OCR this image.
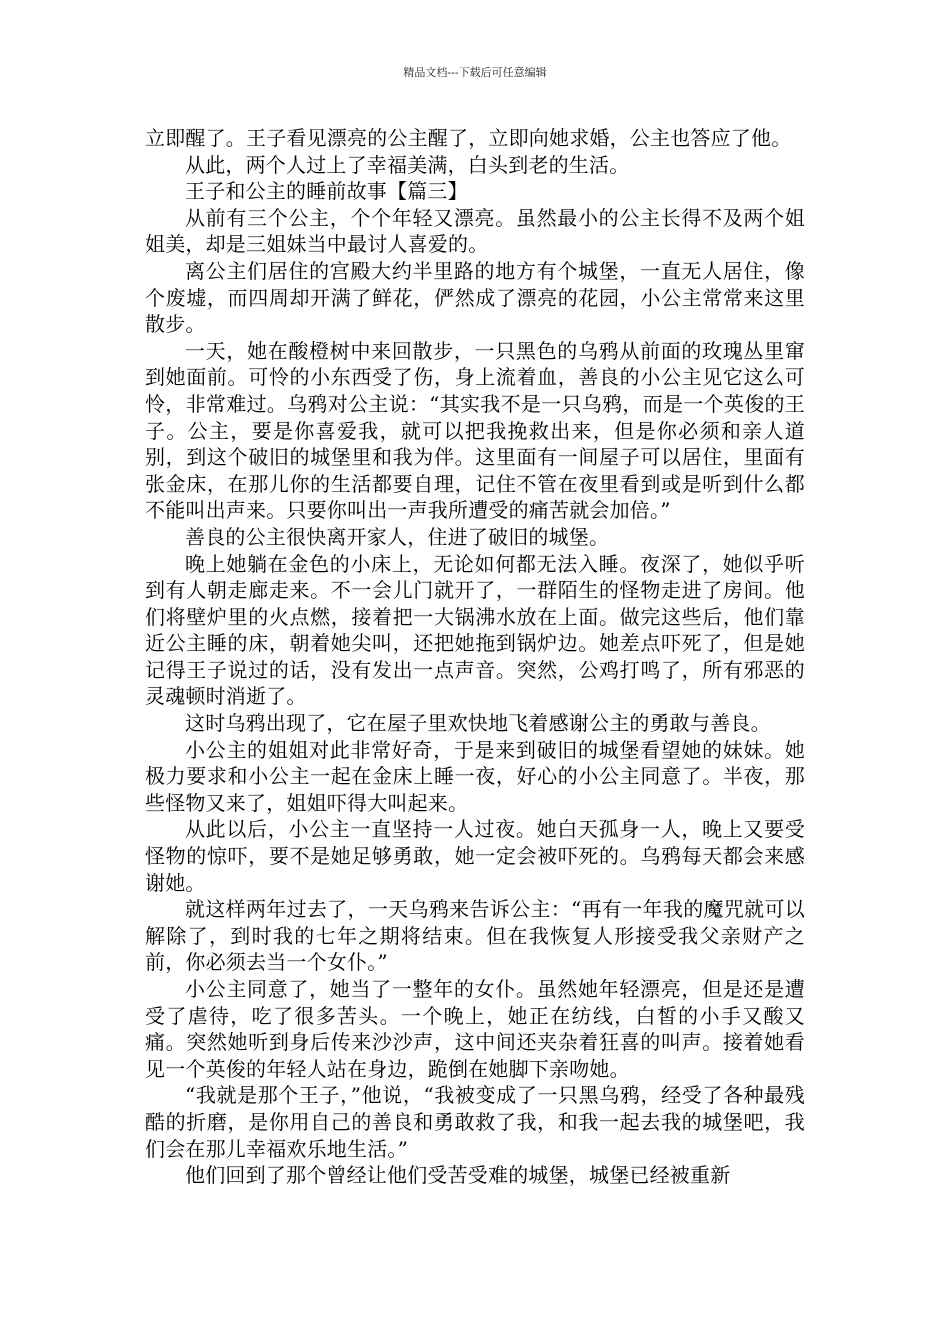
精品文档---下载后可任意编辑

立即醒了。王子看见漂亮的公主醒了，立即向她求婚，公主也答应了他。

从此，两个人过上了幸福美满，白头到老的生活。

王子和公主的睡前故事【篇三】

从前有三个公主，个个年轻又漂亮。虽然最小的公主长得不及两个姐姐美，却是三姐妹当中最讨人喜爱的。

离公主们居住的宫殿大约半里路的地方有个城堡，一直无人居住，像个废墟，而四周却开满了鲜花，俨然成了漂亮的花园，小公主常常来这里散步。

一天，她在酸橙树中来回散步，一只黑色的乌鸦从前面的玫瑰丛里窜到她面前。可怜的小东西受了伤，身上流着血，善良的小公主见它这么可怜，非常难过。乌鸦对公主说：“其实我不是一只乌鸦，而是一个英俊的王子。公主，要是你喜爱我，就可以把我挽救出来，但是你必须和亲人道别，到这个破旧的城堡里和我为伴。这里面有一间屋子可以居住，里面有张金床，在那儿你的生活都要自理，记住不管在夜里看到或是听到什么都不能叫出声来。只要你叫出一声我所遭受的痛苦就会加倍。”

善良的公主很快离开家人，住进了破旧的城堡。

晚上她躺在金色的小床上，无论如何都无法入睡。夜深了，她似乎听到有人朝走廊走来。不一会儿门就开了，一群陌生的怪物走进了房间。他们将壁炉里的火点燃，接着把一大锅沸水放在上面。做完这些后，他们靠近公主睡的床，朝着她尖叫，还把她拖到锅炉边。她差点吓死了，但是她记得王子说过的话，没有发出一点声音。突然，公鸡打鸣了，所有邪恶的灵魂顿时消逝了。

这时乌鸦出现了，它在屋子里欢快地飞着感谢公主的勇敢与善良。

小公主的姐姐对此非常好奇，于是来到破旧的城堡看望她的妹妹。她极力要求和小公主一起在金床上睡一夜，好心的小公主同意了。半夜，那些怪物又来了，姐姐吓得大叫起来。

从此以后，小公主一直坚持一人过夜。她白天孤身一人，晚上又要受怪物的惊吓，要不是她足够勇敢，她一定会被吓死的。乌鸦每天都会来感谢她。

就这样两年过去了，一天乌鸦来告诉公主：“再有一年我的魔咒就可以解除了，到时我的七年之期将结束。但在我恢复人形接受我父亲财产之前，你必须去当一个女仆。”

小公主同意了，她当了一整年的女仆。虽然她年轻漂亮，但是还是遭受了虐待，吃了很多苦头。一个晚上，她正在纺线，白皙的小手又酸又痛。突然她听到身后传来沙沙声，这中间还夹杂着狂喜的叫声。接着她看见一个英俊的年轻人站在身边，跪倒在她脚下亲吻她。

“我就是那个王子，”他说，“我被变成了一只黑乌鸦，经受了各种最残酷的折磨，是你用自己的善良和勇敢救了我，和我一起去我的城堡吧，我们会在那儿幸福欢乐地生活。”

他们回到了那个曾经让他们受苦受难的城堡，城堡已经被重新
